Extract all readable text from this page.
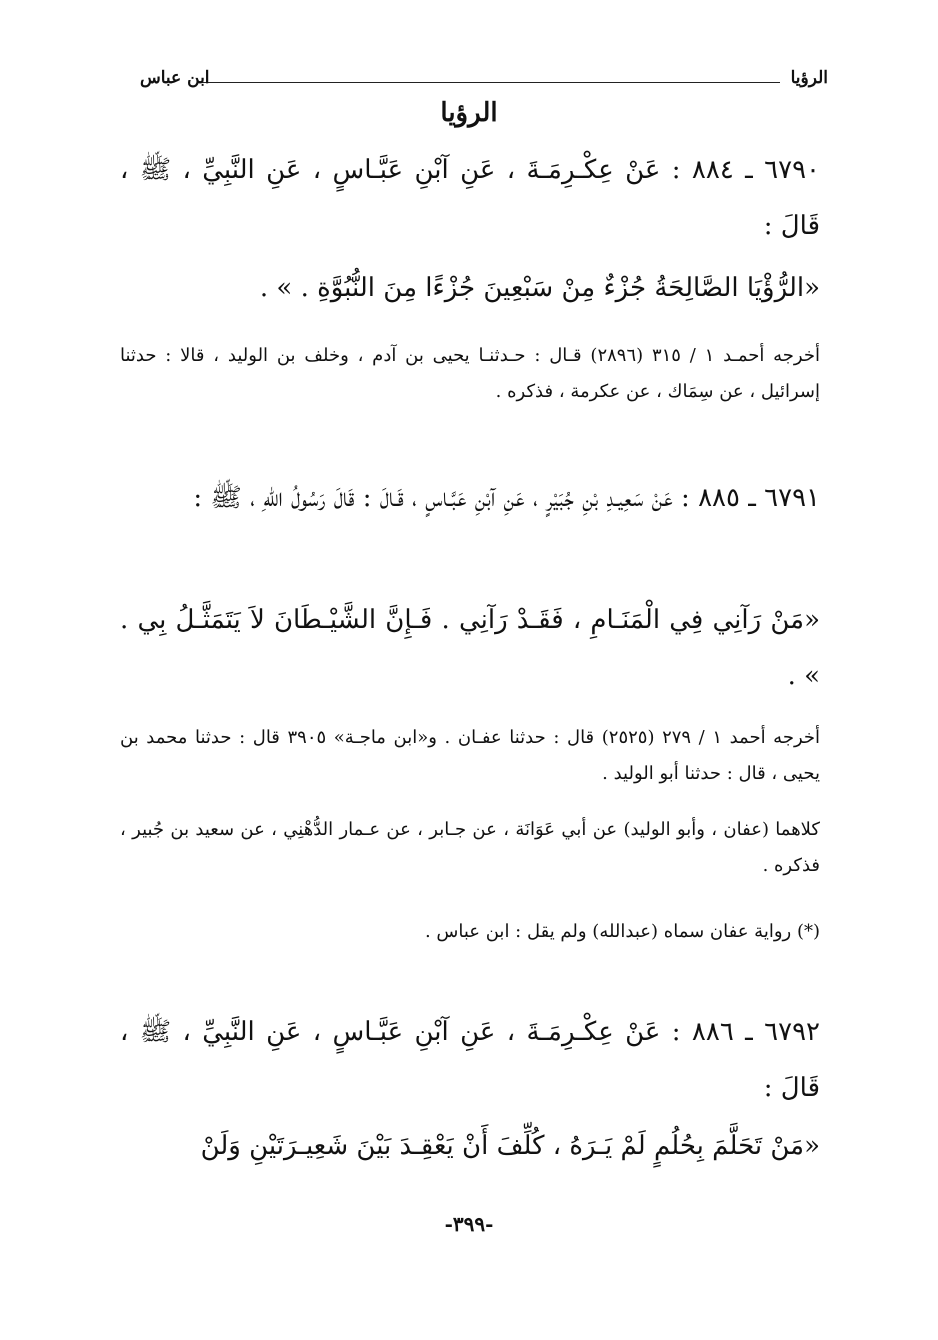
الرؤيا
ابن عباس
الرؤيا
٦٧٩٠ ـ ٨٨٤ : عَنْ عِكْـرِمَـةَ ، عَنِ آبْنِ عَبَّـاسٍ ، عَنِ النَّبِيِّ ، ﷺ ، قَالَ :
«الرُّؤْيَا الصَّالِحَةُ جُزْءٌ مِنْ سَبْعِينَ جُزْءًا مِنَ النُّبُوَّةِ . » .
أخرجه أحمـد ١ / ٣١٥ (٢٨٩٦) قـال : حـدثنـا يحيى بن آدم ، وخلف بن الوليد ، قالا : حدثنا إسرائيل ، عن سِمَاك ، عن عكرمة ، فذكره .
٦٧٩١ ـ ٨٨٥ : عَنْ سَعِيـدِ بْنِ جُبَيْرٍ ، عَنِ آبْنِ عَبَّـاسٍ ، قَـالَ : قَالَ رَسُولُ اللّهِ ، ﷺ :
«مَنْ رَآنِي فِي الْمَنَـامِ ، فَقَـدْ رَآنِي . فَـإِنَّ الشَّيْـطَانَ لاَ يَتَمَثَّـلُ بِي . » .
أخرجه أحمد ١ / ٢٧٩ (٢٥٢٥) قال : حدثنا عفـان . و«ابن ماجـة» ٣٩٠٥ قال : حدثنا محمد بن يحيى ، قال : حدثنا أبو الوليد .
كلاهما (عفان ، وأبو الوليد) عن أبي عَوَانَة ، عن جـابر ، عن عـمار الدُّهْنِي ، عن سعيد بن جُبير ، فذكره .
(*) رواية عفان سماه (عبدالله) ولم يقل : ابن عباس .
٦٧٩٢ ـ ٨٨٦ : عَنْ عِكْـرِمَـةَ ، عَنِ آبْنِ عَبَّـاسٍ ، عَنِ النَّبِيِّ ، ﷺ ، قَالَ :
«مَنْ تَحَلَّمَ بِحُلُمٍ لَمْ يَـرَهُ ، كُلِّفَ أَنْ يَعْقِـدَ بَيْنَ شَعِيـرَتَيْنِ وَلَنْ
-٣٩٩-
